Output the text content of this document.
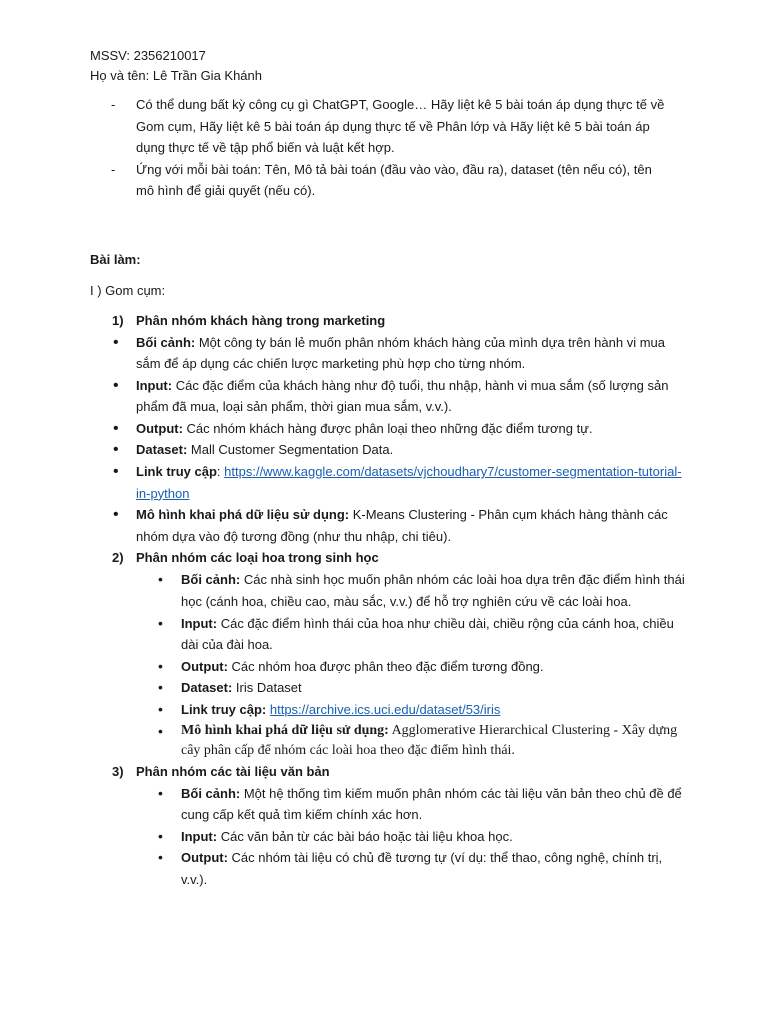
MSSV: 2356210017
Họ và tên: Lê Trần Gia Khánh
-	Có thể dung bất kỳ công cụ gì ChatGPT, Google… Hãy liệt kê 5 bài toán áp dụng thực tế về Gom cụm, Hãy liệt kê 5 bài toán áp dụng thực tế về Phân lớp và Hãy liệt kê 5 bài toán áp dụng thực tế về tập phổ biến và luật kết hợp.
-	Ứng với mỗi bài toán: Tên, Mô tả bài toán (đầu vào vào, đầu ra), dataset (tên nếu có), tên mô hình để giải quyết (nếu có).
Bài làm:
I ) Gom cụm:
1) Phân nhóm khách hàng trong marketing
•	Bối cảnh: Một công ty bán lẻ muốn phân nhóm khách hàng của mình dựa trên hành vi mua sắm để áp dụng các chiến lược marketing phù hợp cho từng nhóm.
•	Input: Các đặc điểm của khách hàng như độ tuổi, thu nhập, hành vi mua sắm (số lượng sản phẩm đã mua, loại sản phẩm, thời gian mua sắm, v.v.).
•	Output: Các nhóm khách hàng được phân loại theo những đặc điểm tương tự.
•	Dataset: Mall Customer Segmentation Data.
•	Link truy cập: https://www.kaggle.com/datasets/vjchoudhary7/customer-segmentation-tutorial-in-python
•	Mô hình khai phá dữ liệu sử dụng: K-Means Clustering - Phân cụm khách hàng thành các nhóm dựa vào độ tương đồng (như thu nhập, chi tiêu).
2) Phân nhóm các loại hoa trong sinh học
•	Bối cảnh: Các nhà sinh học muốn phân nhóm các loài hoa dựa trên đặc điểm hình thái học (cánh hoa, chiều cao, màu sắc, v.v.) để hỗ trợ nghiên cứu về các loài hoa.
•	Input: Các đặc điểm hình thái của hoa như chiều dài, chiều rộng của cánh hoa, chiều dài của đài hoa.
•	Output: Các nhóm hoa được phân theo đặc điểm tương đồng.
•	Dataset: Iris Dataset
•	Link truy cập: https://archive.ics.uci.edu/dataset/53/iris
•	Mô hình khai phá dữ liệu sử dụng: Agglomerative Hierarchical Clustering - Xây dựng cây phân cấp để nhóm các loài hoa theo đặc điểm hình thái.
3) Phân nhóm các tài liệu văn bản
•	Bối cảnh: Một hệ thống tìm kiếm muốn phân nhóm các tài liệu văn bản theo chủ đề để cung cấp kết quả tìm kiếm chính xác hơn.
•	Input: Các văn bản từ các bài báo hoặc tài liệu khoa học.
•	Output: Các nhóm tài liệu có chủ đề tương tự (ví dụ: thể thao, công nghệ, chính trị, v.v.).
